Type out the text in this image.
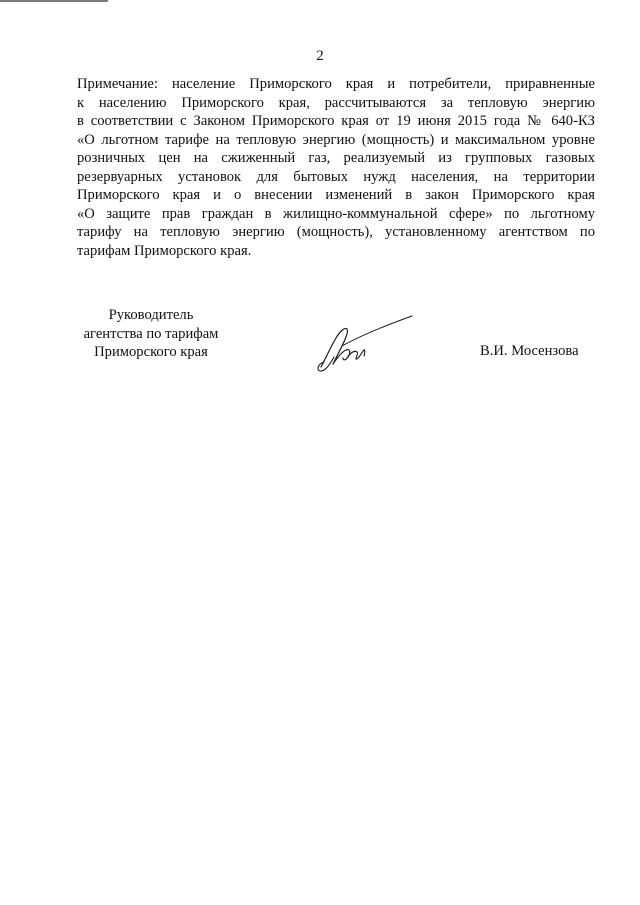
2
Примечание: население Приморского края и потребители, приравненные
к населению Приморского края, рассчитываются за тепловую энергию
в соответствии с Законом Приморского края от 19 июня 2015 года № 640-КЗ
«О льготном тарифе на тепловую энергию (мощность) и максимальном уровне
розничных цен на сжиженный газ, реализуемый из групповых газовых
резервуарных установок для бытовых нужд населения, на территории
Приморского края и о внесении изменений в закон Приморского края
«О защите прав граждан в жилищно-коммунальной сфере» по льготному
тарифу на тепловую энергию (мощность), установленному агентством по
тарифам Приморского края.
Руководитель
агентства по тарифам
Приморского края	В.И. Мосензова
